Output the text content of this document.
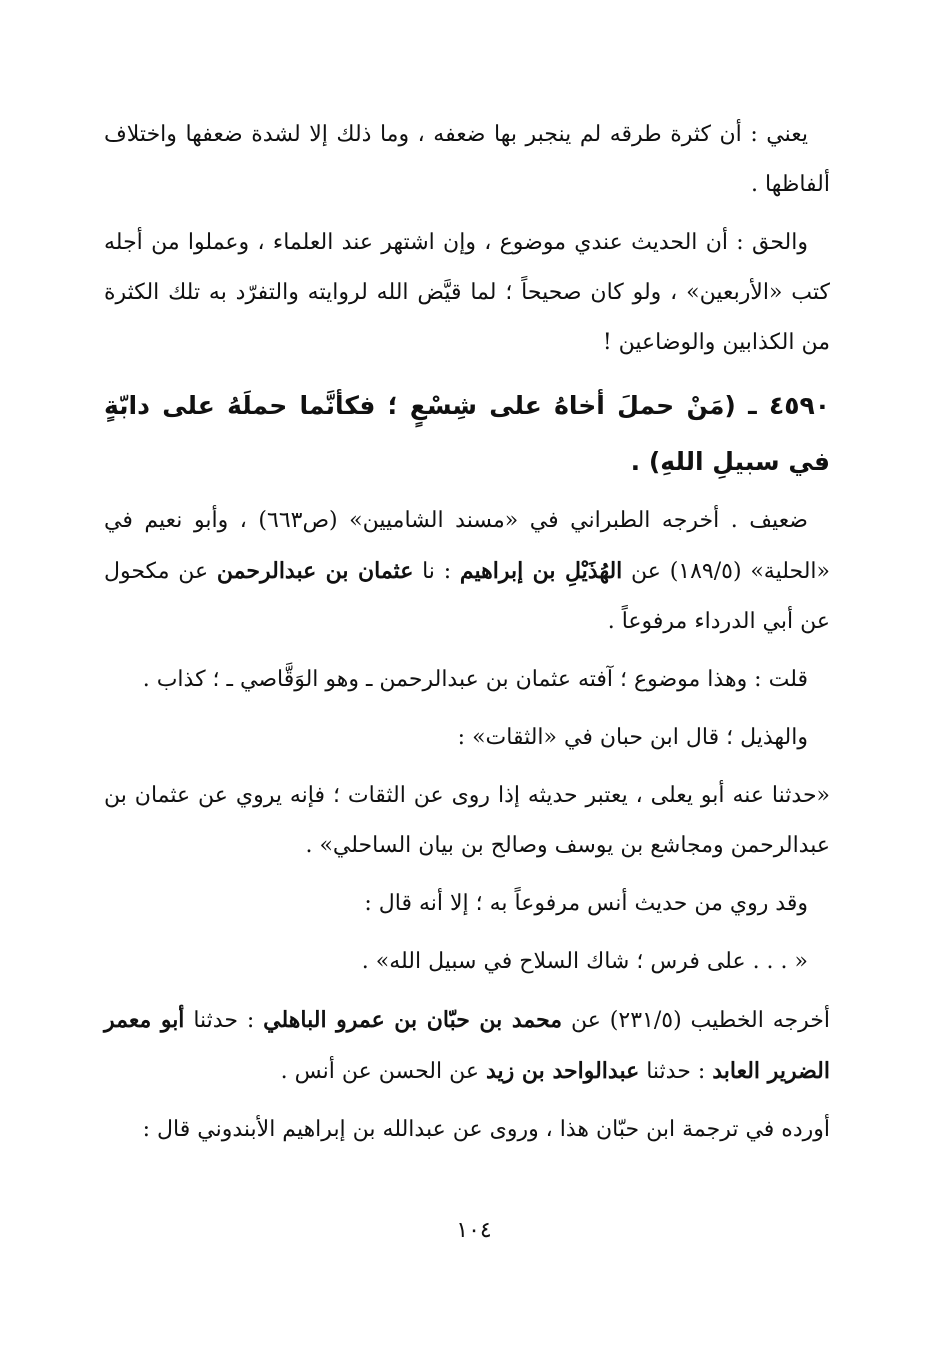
يعني : أن كثرة طرقه لم ينجبر بها ضعفه ، وما ذلك إلا لشدة ضعفها واختلاف ألفاظها .

والحق : أن الحديث عندي موضوع ، وإن اشتهر عند العلماء ، وعملوا من أجله كتب «الأربعين» ، ولو كان صحيحاً ؛ لما قيَّض الله لروايته والتفرّد به تلك الكثرة من الكذابين والوضاعين !

٤٥٩٠ ـ (مَنْ حملَ أخاهُ على شِسْعٍ ؛ فكأنَّما حملَهُ على دابّةٍ في سبيلِ اللهِ) .

ضعيف . أخرجه الطبراني في «مسند الشاميين» (ص٦٦٣) ، وأبو نعيم في «الحلية» (١٨٩/٥) عن الهُذَيْلِ بن إبراهيم : نا عثمان بن عبدالرحمن عن مكحول عن أبي الدرداء مرفوعاً .

قلت : وهذا موضوع ؛ آفته عثمان بن عبدالرحمن ـ وهو الوَقَّاصي ـ ؛ كذاب .

والهذيل ؛ قال ابن حبان في «الثقات» :

«حدثنا عنه أبو يعلى ، يعتبر حديثه إذا روى عن الثقات ؛ فإنه يروي عن عثمان بن عبدالرحمن ومجاشع بن يوسف وصالح بن بيان الساحلي» .

وقد روي من حديث أنس مرفوعاً به ؛ إلا أنه قال :

« . . . على فرس ؛ شاك السلاح في سبيل الله» .

أخرجه الخطيب (٢٣١/٥) عن محمد بن حبّان بن عمرو الباهلي : حدثنا أبو معمر الضرير العابد : حدثنا عبدالواحد بن زيد عن الحسن عن أنس .

أورده في ترجمة ابن حبّان هذا ، وروى عن عبدالله بن إبراهيم الأبندوني قال :

١٠٤
